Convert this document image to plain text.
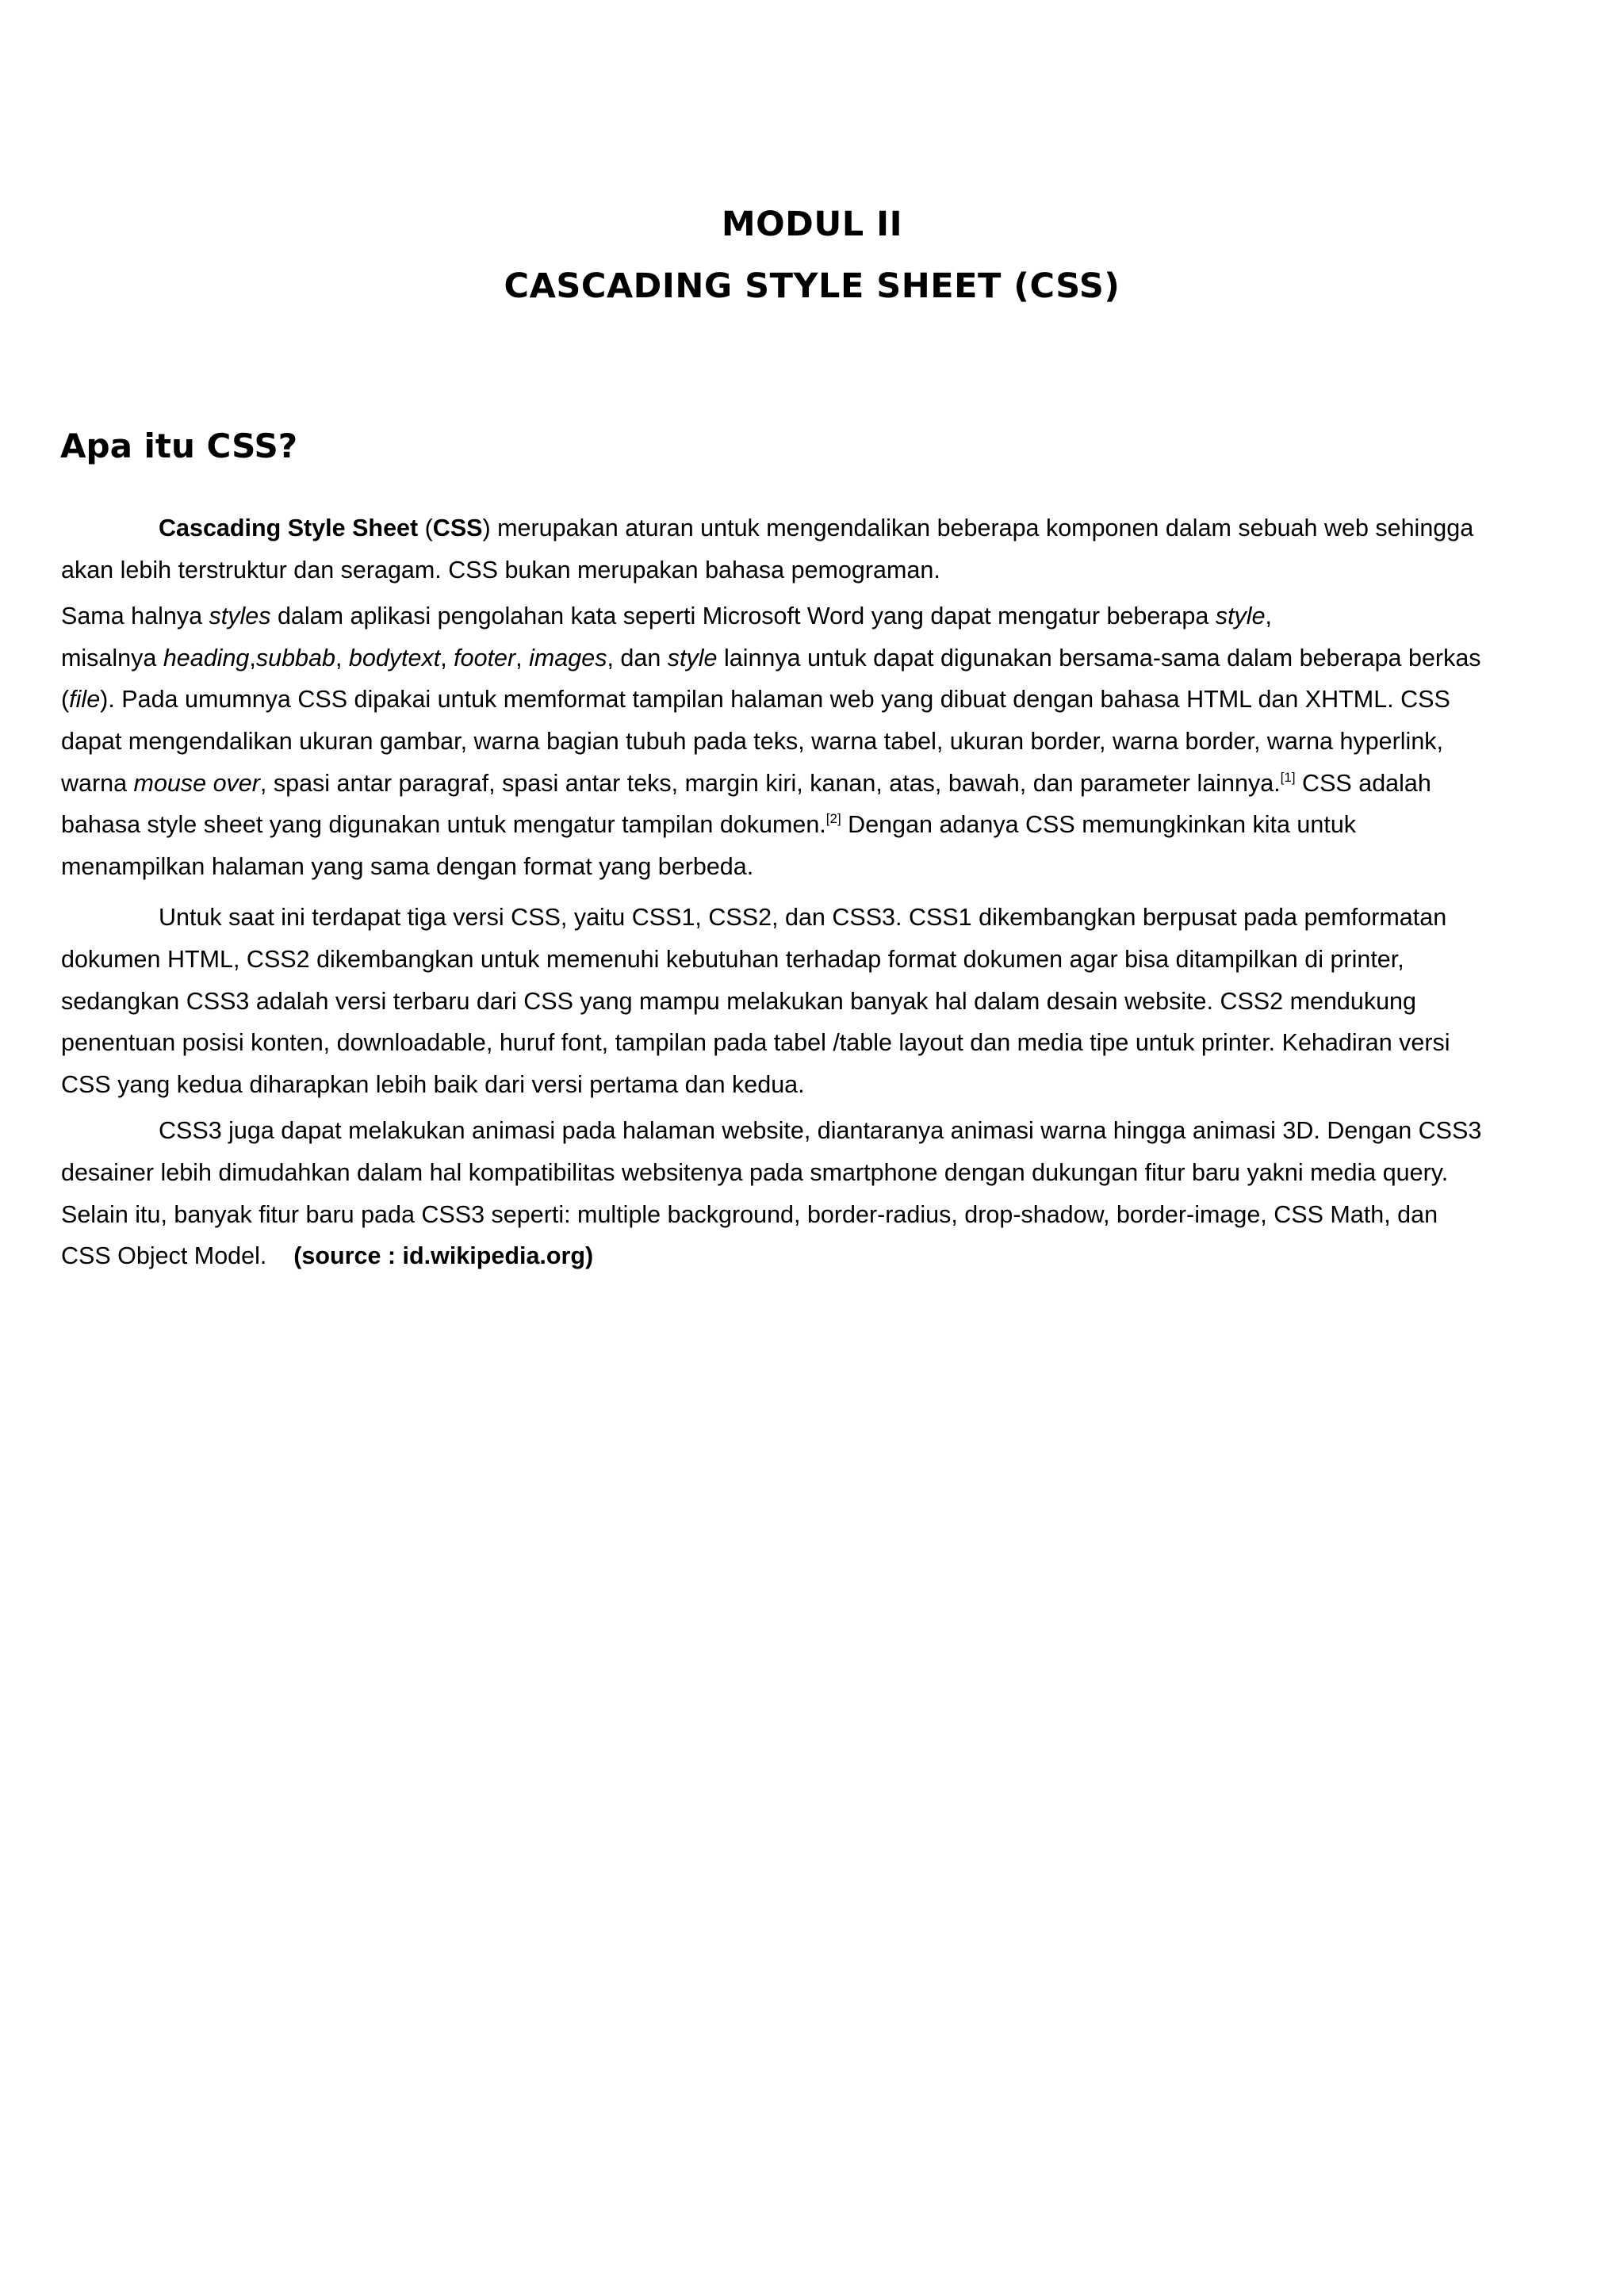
MODUL II
CASCADING STYLE SHEET (CSS)
Apa itu CSS?

Cascading Style Sheet (CSS) merupakan aturan untuk mengendalikan beberapa komponen dalam sebuah web sehingga
akan lebih terstruktur dan seragam. CSS bukan merupakan bahasa pemograman.

Sama halnya styles dalam aplikasi pengolahan kata seperti Microsoft Word yang dapat mengatur beberapa style,
misalnya heading,subbab, bodytext, footer, images, dan style lainnya untuk dapat digunakan bersama-sama dalam beberapa berkas
(file). Pada umumnya CSS dipakai untuk memformat tampilan halaman web yang dibuat dengan bahasa HTML dan XHTML. CSS
dapat mengendalikan ukuran gambar, warna bagian tubuh pada teks, warna tabel, ukuran border, warna border, warna hyperlink,
warna mouse over, spasi antar paragraf, spasi antar teks, margin kiri, kanan, atas, bawah, dan parameter lainnya.[1] CSS adalah
bahasa style sheet yang digunakan untuk mengatur tampilan dokumen.[2] Dengan adanya CSS memungkinkan kita untuk
menampilkan halaman yang sama dengan format yang berbeda.

Untuk saat ini terdapat tiga versi CSS, yaitu CSS1, CSS2, dan CSS3. CSS1 dikembangkan berpusat pada pemformatan
dokumen HTML, CSS2 dikembangkan untuk memenuhi kebutuhan terhadap format dokumen agar bisa ditampilkan di printer,
sedangkan CSS3 adalah versi terbaru dari CSS yang mampu melakukan banyak hal dalam desain website. CSS2 mendukung
penentuan posisi konten, downloadable, huruf font, tampilan pada tabel /table layout dan media tipe untuk printer. Kehadiran versi
CSS yang kedua diharapkan lebih baik dari versi pertama dan kedua.

CSS3 juga dapat melakukan animasi pada halaman website, diantaranya animasi warna hingga animasi 3D. Dengan CSS3
desainer lebih dimudahkan dalam hal kompatibilitas websitenya pada smartphone dengan dukungan fitur baru yakni media query.
Selain itu, banyak fitur baru pada CSS3 seperti: multiple background, border-radius, drop-shadow, border-image, CSS Math, dan
CSS Object Model.    (source : id.wikipedia.org)
